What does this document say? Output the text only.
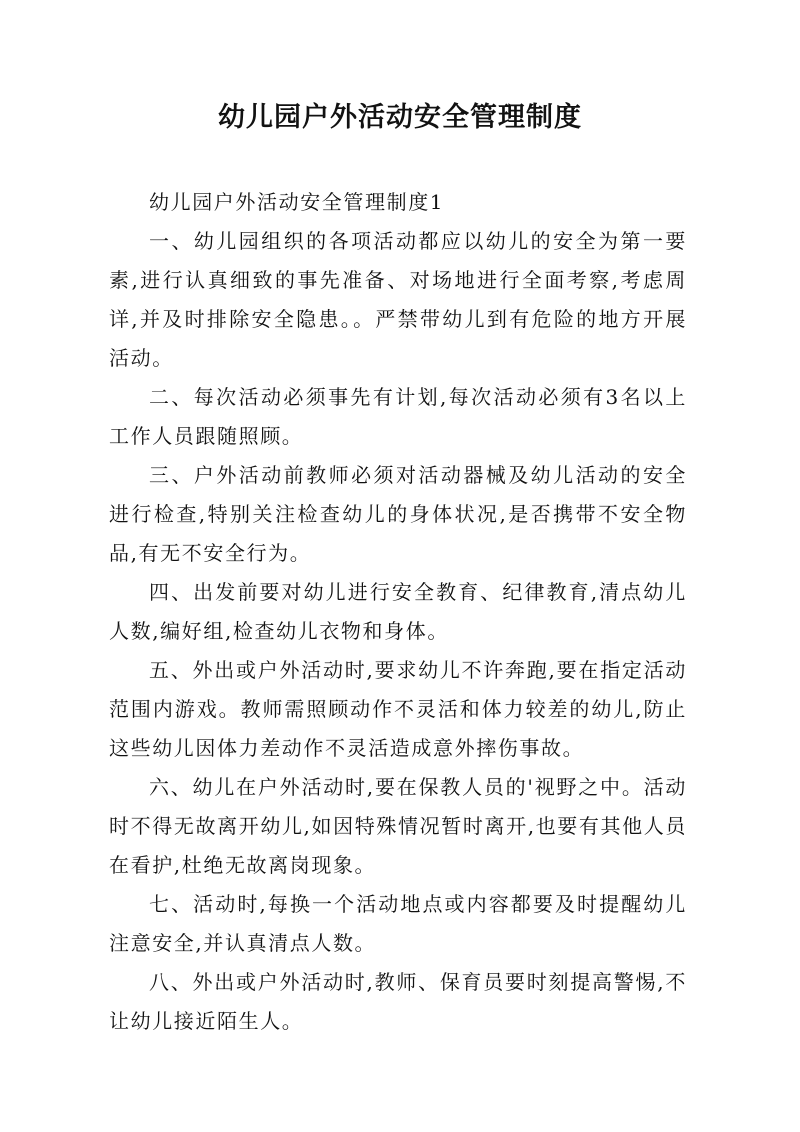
幼儿园户外活动安全管理制度

幼儿园户外活动安全管理制度1

一、幼儿园组织的各项活动都应以幼儿的安全为第一要素,进行认真细致的事先准备、对场地进行全面考察,考虑周详,并及时排除安全隐患。。严禁带幼儿到有危险的地方开展活动。

二、每次活动必须事先有计划,每次活动必须有3名以上工作人员跟随照顾。

三、户外活动前教师必须对活动器械及幼儿活动的安全进行检查,特别关注检查幼儿的身体状况,是否携带不安全物品,有无不安全行为。

四、出发前要对幼儿进行安全教育、纪律教育,清点幼儿人数,编好组,检查幼儿衣物和身体。

五、外出或户外活动时,要求幼儿不许奔跑,要在指定活动范围内游戏。教师需照顾动作不灵活和体力较差的幼儿,防止这些幼儿因体力差动作不灵活造成意外摔伤事故。

六、幼儿在户外活动时,要在保教人员的'视野之中。活动时不得无故离开幼儿,如因特殊情况暂时离开,也要有其他人员在看护,杜绝无故离岗现象。

七、活动时,每换一个活动地点或内容都要及时提醒幼儿注意安全,并认真清点人数。

八、外出或户外活动时,教师、保育员要时刻提高警惕,不让幼儿接近陌生人。
